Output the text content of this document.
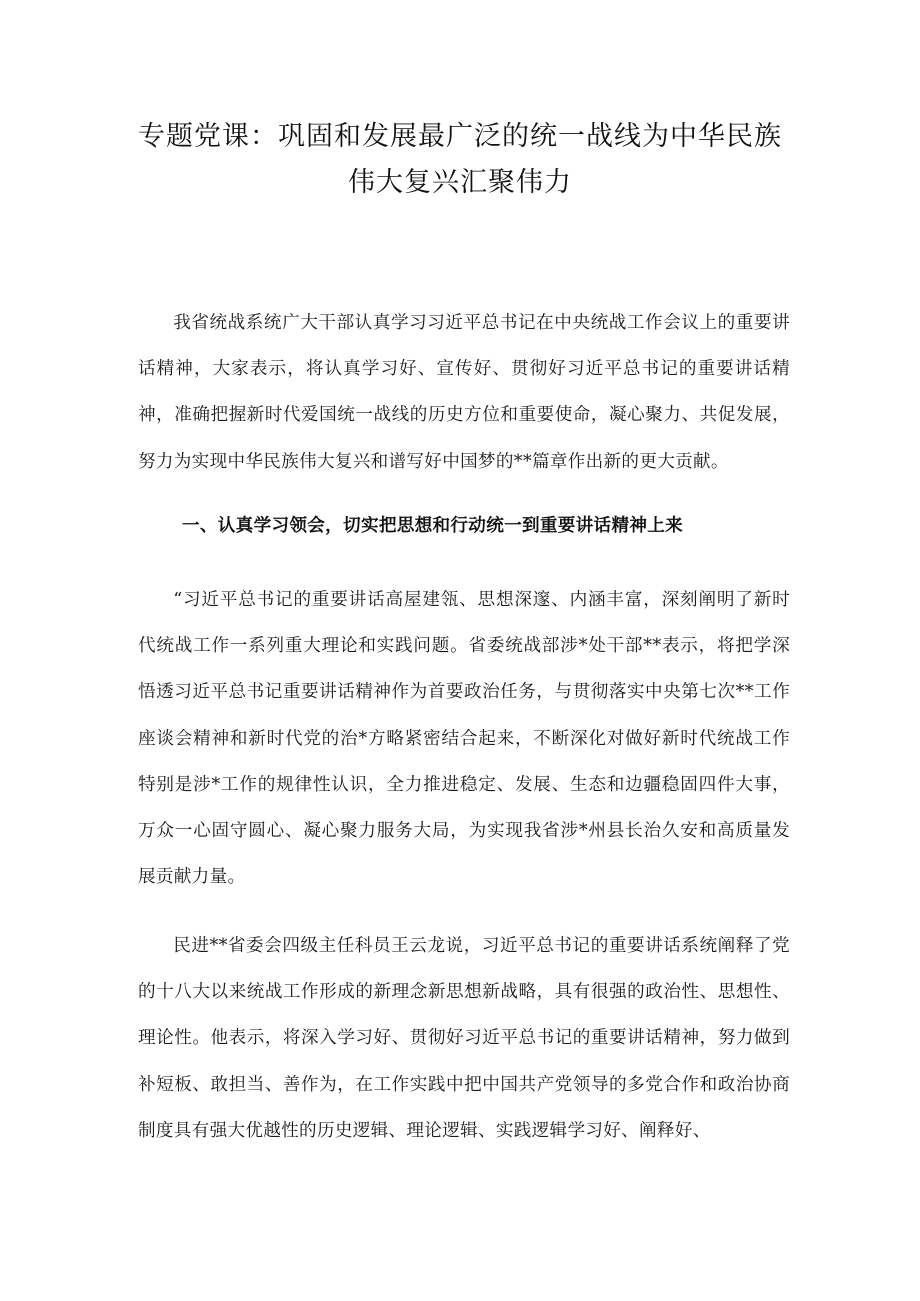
专题党课：巩固和发展最广泛的统一战线为中华民族
伟大复兴汇聚伟力

我省统战系统广大干部认真学习习近平总书记在中央统战工作会议上的重要讲话精神，大家表示，将认真学习好、宣传好、贯彻好习近平总书记的重要讲话精神，准确把握新时代爱国统一战线的历史方位和重要使命，凝心聚力、共促发展，努力为实现中华民族伟大复兴和谱写好中国梦的**篇章作出新的更大贡献。

一、认真学习领会，切实把思想和行动统一到重要讲话精神上来

“习近平总书记的重要讲话高屋建瓴、思想深邃、内涵丰富，深刻阐明了新时代统战工作一系列重大理论和实践问题。省委统战部涉*处干部**表示，将把学深悟透习近平总书记重要讲话精神作为首要政治任务，与贯彻落实中央第七次**工作座谈会精神和新时代党的治*方略紧密结合起来，不断深化对做好新时代统战工作特别是涉*工作的规律性认识，全力推进稳定、发展、生态和边疆稳固四件大事，万众一心固守圆心、凝心聚力服务大局，为实现我省涉*州县长治久安和高质量发展贡献力量。

民进**省委会四级主任科员王云龙说，习近平总书记的重要讲话系统阐释了党的十八大以来统战工作形成的新理念新思想新战略，具有很强的政治性、思想性、理论性。他表示，将深入学习好、贯彻好习近平总书记的重要讲话精神，努力做到补短板、敢担当、善作为，在工作实践中把中国共产党领导的多党合作和政治协商制度具有强大优越性的历史逻辑、理论逻辑、实践逻辑学习好、阐释好、
